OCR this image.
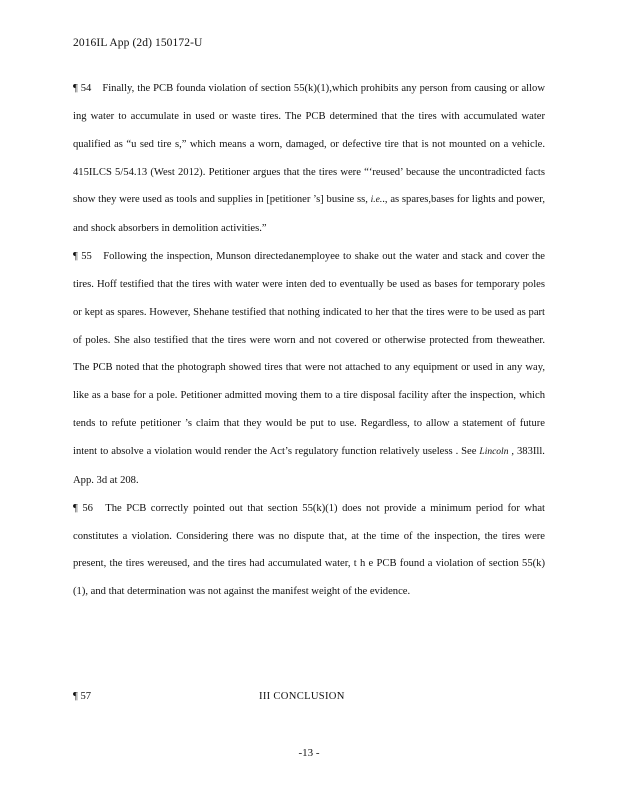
2016IL App (2d) 150172-U

¶ 54 Finally, the PCB founda violation of section 55(k)(1),which prohibits any person from causing or allow ing water to accumulate in used or waste tires. The PCB determined that the tires with accumulated water qualified as “u sed tire s,” which means a worn, damaged, or defective tire that is not mounted on a vehicle. 415ILCS 5/54.13 (West 2012). Petitioner argues that the tires were “‘reused’ because the uncontradicted facts show they were used as tools and supplies in [petitioner ’s] busine ss, i.e.., as spares,bases for lights and power, and shock absorbers in demolition activities.”

¶ 55 Following the inspection, Munson directedanemployee to shake out the water and stack and cover the tires. Hoff testified that the tires with water were inten ded to eventually be used as bases for temporary poles or kept as spares. However, Shehane testified that nothing indicated to her that the tires were to be used as part of poles. She also testified that the tires were worn and not covered or otherwise protected from theweather. The PCB noted that the photograph showed tires that were not attached to any equipment or used in any way, like as a base for a pole. Petitioner admitted moving them to a tire disposal facility after the inspection, which tends to refute petitioner ’s claim that they would be put to use. Regardless, to allow a statement of future intent to absolve a violation would render the Act’s regulatory function relatively useless . See Lincoln , 383Ill. App. 3d at 208.

¶ 56 The PCB correctly pointed out that section 55(k)(1) does not provide a minimum period for what constitutes a violation. Considering there was no dispute that, at the time of the inspection, the tires were present, the tires wereused, and the tires had accumulated water, t h e PCB found a violation of section 55(k)(1), and that determination was not against the manifest weight of the evidence.

¶ 57	III CONCLUSION
-13 -
